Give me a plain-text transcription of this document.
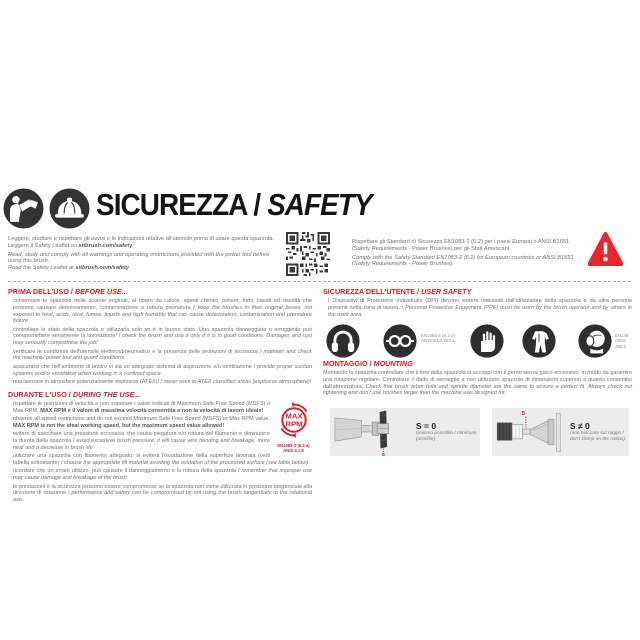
SICUREZZA / SAFETY
Leggere, studiare e rispettare gli avvisi e le indicazioni relative all'utensile prima di usare questa spazzola.
Leggere il Safety Leaflet su sitbrush.com/safety
Read, study and comply with all warnings and operating instructions provided with the power tool before using this brush.
Read the Safety Leaflet at sitbrush.com/safety
Rispettare gli Standard di Sicurezza EN1083-2 (6.2) per i paesi Europei o ANSI B1651 (Safety Requirements - Power Brushes) per gli Stati Americani.
Comply with the Safety Standard EN1083-2 (6.2) for European countries or ANSI B1651 (Safety Requirements - Power Brushes).
PRIMA DELL'USO / BEFORE USE...

conservare le spazzole nelle scatole originali, al riparo da calore, agenti chimici, polveri, fumi, liquidi ed umidità che possono causare deterioramento, contaminazione e rottura prematura / keep the brushes in their original boxes, not exposed to heat, acids, dust, fumes, liquids and high humidity that can cause deterioration, contamination and premature failure

controllare lo stato della spazzola e utilizzarla solo se è in buono stato. Una spazzola danneggiata o arrugginita può compromettere seriamente la lavorazione! / check the brush and use it only if it is in good conditions. Damages and rust may seriously compromise the job!

verificare le condizioni dell'utensile elettrico/pneumatico e la presenza delle protezioni di sicurezza / maintain and check the machine/ power tool and guard conditions

assicurarsi che nell'ambiente di lavoro vi sia un adeguato sistema di aspirazione e/o ventilazione / provide proper suction systems and/or ventilation when working in a confined space

mai lavorare in atmosfere potenzialmente esplosive (ATEX)! / never work in ATEX classified areas (explosive atmosphere)!

DURANTE L'USO / DURING THE USE...
MAX
RPM
EN1083-2 (6.2-a)
ANSI 3.1.8

rispettare le restrizioni di velocità e non superare i valori indicati di Maximum Safe Free Speed (MSFS) o Max RPM. MAX RPM è il valore di massima velocità consentita e non la velocità di lavoro ideale!

observe all speed restrictions and do not exceed Maximum Safe Free Speed (MSFS) or Max RPM value. MAX RPM is not the ideal working speed, but the maximum speed value allowed!

evitare di esercitare una pressione eccessiva che causa piegatura e/o rottura del filamento e diminuisce la durata della spazzola / avoid excessive brush pressure, it will cause wire bending and breakage, more heat and a decrease in brush life

utilizzare una spazzola con filamento adeguato: si eviterà l'ossidazione della superficie lavorata (vedi tabella sottostante) / choose the appropriate fill material avoiding the oxidation of the processed surface (see table below)

ricordare che un errato utilizzo, può causare il danneggiamento e la rottura della spazzola / remember that improper use may cause damage and breakage of the brush

le prestazioni e la sicurezza possono essere compromesse se la spazzola non viene utilizzata in posizione tangenziale alla direzione di rotazione / performance and safety can be compromised by not using the brush tangentially to the rotational axis.

SICUREZZA DELL'UTENTE / USER SAFETY

I Dispositivi di Protezione Individuale (DPI) devono essere indossati dall'utilizzatore della spazzola e da altre persone presenti nella zona di lavoro. / Personal Protective Equipment (PPE) must be worn by the brush operator and by others in the work area.

EN1083-2 (6.1-d)
ANSI/ISEA Z87.1
EN149
ANSI Z88.2
MONTAGGIO / MOUNTING

Montando la spazzola controllare che il foro della spazzola si accoppi con il perno senza gioco eccessivo, in modo da garantire una rotazione regolare. Controllare il dado di serraggio e non utilizzare spazzole di dimensioni superiori a quanto consentito dall'attrezzatura. Check that brush arbor hole and spindle diameter are the same to ensure a perfect fit. Always check nut tightening and don't use brushes larger than the machine was designed for.

S
S = 0
(minimo possibile / minimum possible)
S
S ≠ 0
(non bloccare sul raggio / don't clamp on the radius)
